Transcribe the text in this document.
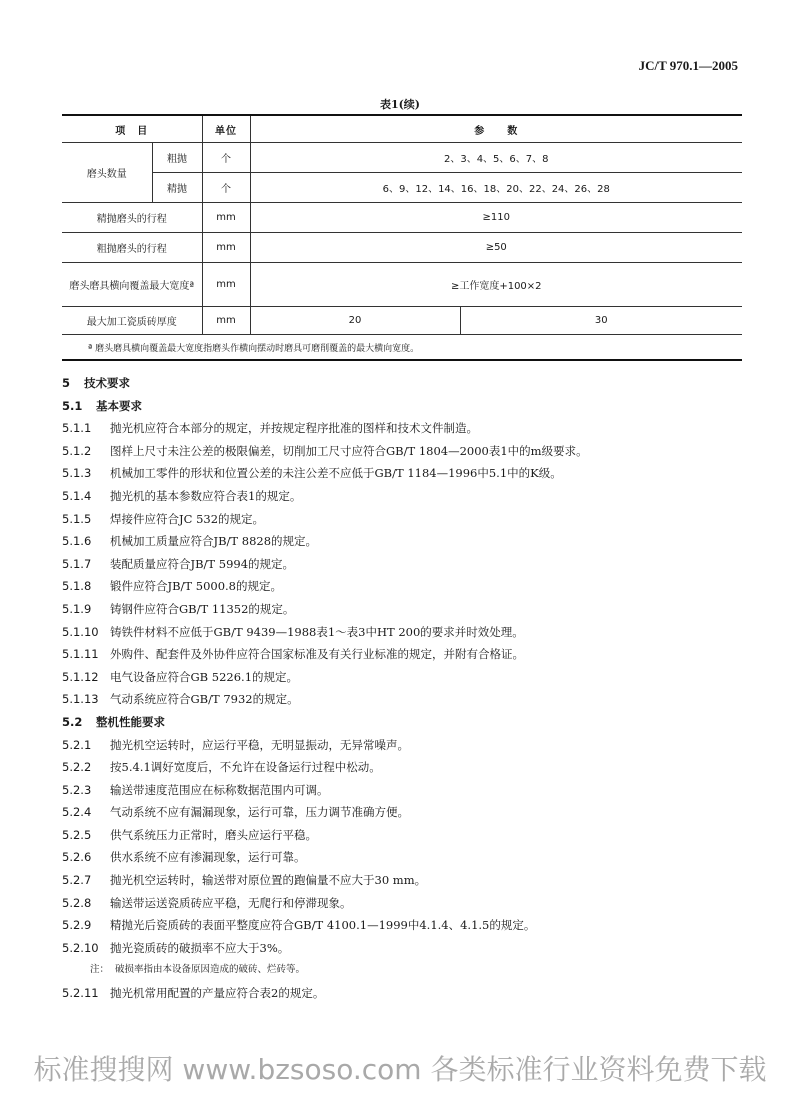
JC/T 970.1—2005
表1(续)
项　目		单位	参　　数	
磨头数量	粗抛	个	2、3、4、5、6、7、8	
	精抛	个	6、9、12、14、16、18、20、22、24、26、28	
精抛磨头的行程		mm	≥110	
粗抛磨头的行程		mm	≥50	
磨头磨具横向覆盖最大宽度ª		mm	≥工作宽度+100×2	
最大加工瓷质砖厚度		mm	20	30
ª 磨头磨具横向覆盖最大宽度指磨头作横向摆动时磨具可磨削覆盖的最大横向宽度。				
5 技术要求
5.1 基本要求
5.1.1 抛光机应符合本部分的规定，并按规定程序批准的图样和技术文件制造。
5.1.2 图样上尺寸未注公差的极限偏差，切削加工尺寸应符合GB/T 1804—2000表1中的m级要求。
5.1.3 机械加工零件的形状和位置公差的未注公差不应低于GB/T 1184—1996中5.1中的K级。
5.1.4 抛光机的基本参数应符合表1的规定。
5.1.5 焊接件应符合JC 532的规定。
5.1.6 机械加工质量应符合JB/T 8828的规定。
5.1.7 装配质量应符合JB/T 5994的规定。
5.1.8 锻件应符合JB/T 5000.8的规定。
5.1.9 铸钢件应符合GB/T 11352的规定。
5.1.10 铸铁件材料不应低于GB/T 9439—1988表1～表3中HT 200的要求并时效处理。
5.1.11 外购件、配套件及外协件应符合国家标准及有关行业标准的规定，并附有合格证。
5.1.12 电气设备应符合GB 5226.1的规定。
5.1.13 气动系统应符合GB/T 7932的规定。
5.2 整机性能要求
5.2.1 抛光机空运转时，应运行平稳，无明显振动，无异常噪声。
5.2.2 按5.4.1调好宽度后，不允许在设备运行过程中松动。
5.2.3 输送带速度范围应在标称数据范围内可调。
5.2.4 气动系统不应有漏漏现象，运行可靠，压力调节准确方便。
5.2.5 供气系统压力正常时，磨头应运行平稳。
5.2.6 供水系统不应有渗漏现象，运行可靠。
5.2.7 抛光机空运转时，输送带对原位置的跑偏量不应大于30 mm。
5.2.8 输送带运送瓷质砖应平稳，无爬行和停滞现象。
5.2.9 精抛光后瓷质砖的表面平整度应符合GB/T 4100.1—1999中4.1.4、4.1.5的规定。
5.2.10 抛光瓷质砖的破损率不应大于3%。
注： 破损率指由本设备原因造成的破砖、烂砖等。
5.2.11 抛光机常用配置的产量应符合表2的规定。
标准搜搜网 www.bzsoso.com 各类标准行业资料免费下载
